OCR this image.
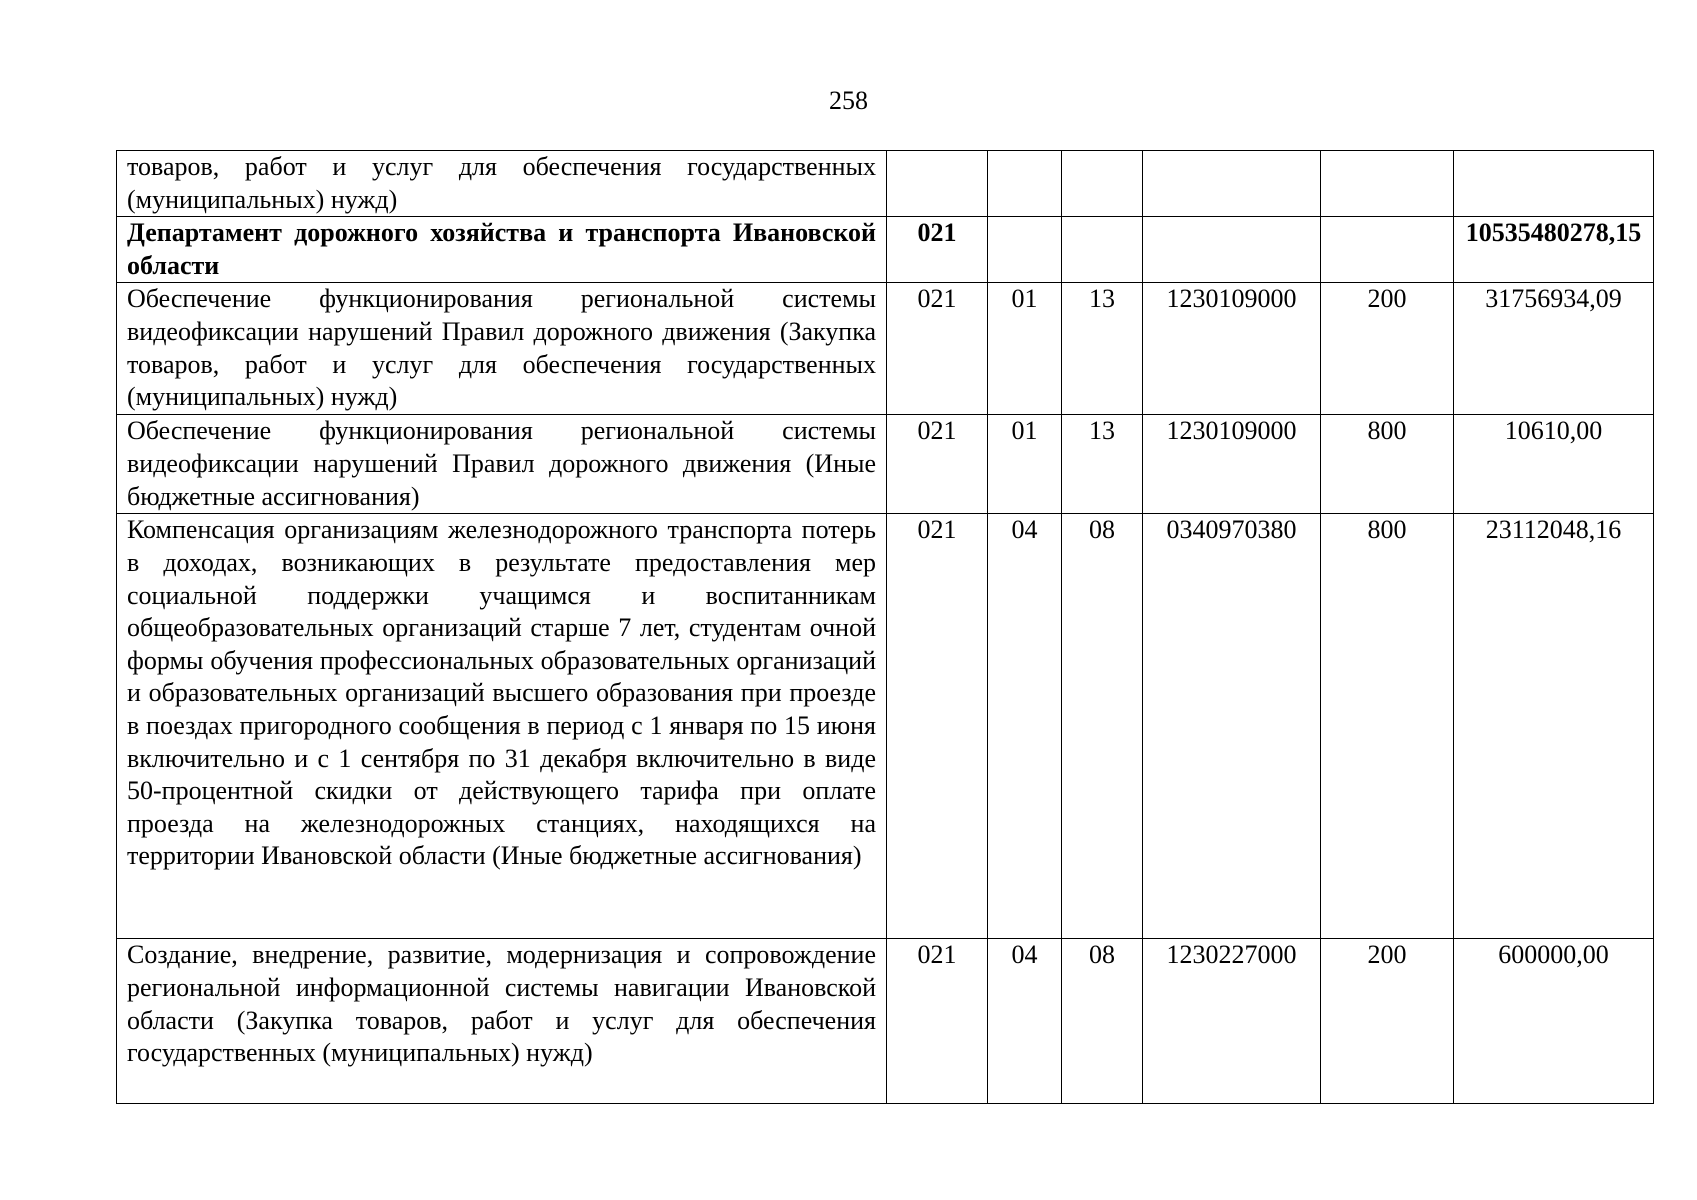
258
товаров, работ и услуг для обеспечения государственных (муниципальных) нужд)						
Департамент дорожного хозяйства и транспорта Ивановской области	021					10535480278,15
Обеспечение функционирования региональной системы видеофиксации нарушений Правил дорожного движения (Закупка товаров, работ и услуг для обеспечения государственных (муниципальных) нужд)	021	01	13	1230109000	200	31756934,09
Обеспечение функционирования региональной системы видеофиксации нарушений Правил дорожного движения (Иные бюджетные ассигнования)	021	01	13	1230109000	800	10610,00
Компенсация организациям железнодорожного транспорта потерь в доходах, возникающих в результате предоставления мер социальной поддержки учащимся и воспитанникам общеобразовательных организаций старше 7 лет, студентам очной формы обучения профессиональных образовательных организаций и образовательных организаций высшего образования при проезде в поездах пригородного сообщения в период с 1 января по 15 июня включительно и с 1 сентября по 31 декабря включительно в виде 50-процентной скидки от действующего тарифа при оплате проезда на железнодорожных станциях, находящихся на территории Ивановской области (Иные бюджетные ассигнования)	021	04	08	0340970380	800	23112048,16
Создание, внедрение, развитие, модернизация и сопровождение региональной информационной системы навигации Ивановской области (Закупка товаров, работ и услуг для обеспечения государственных (муниципальных) нужд)	021	04	08	1230227000	200	600000,00
